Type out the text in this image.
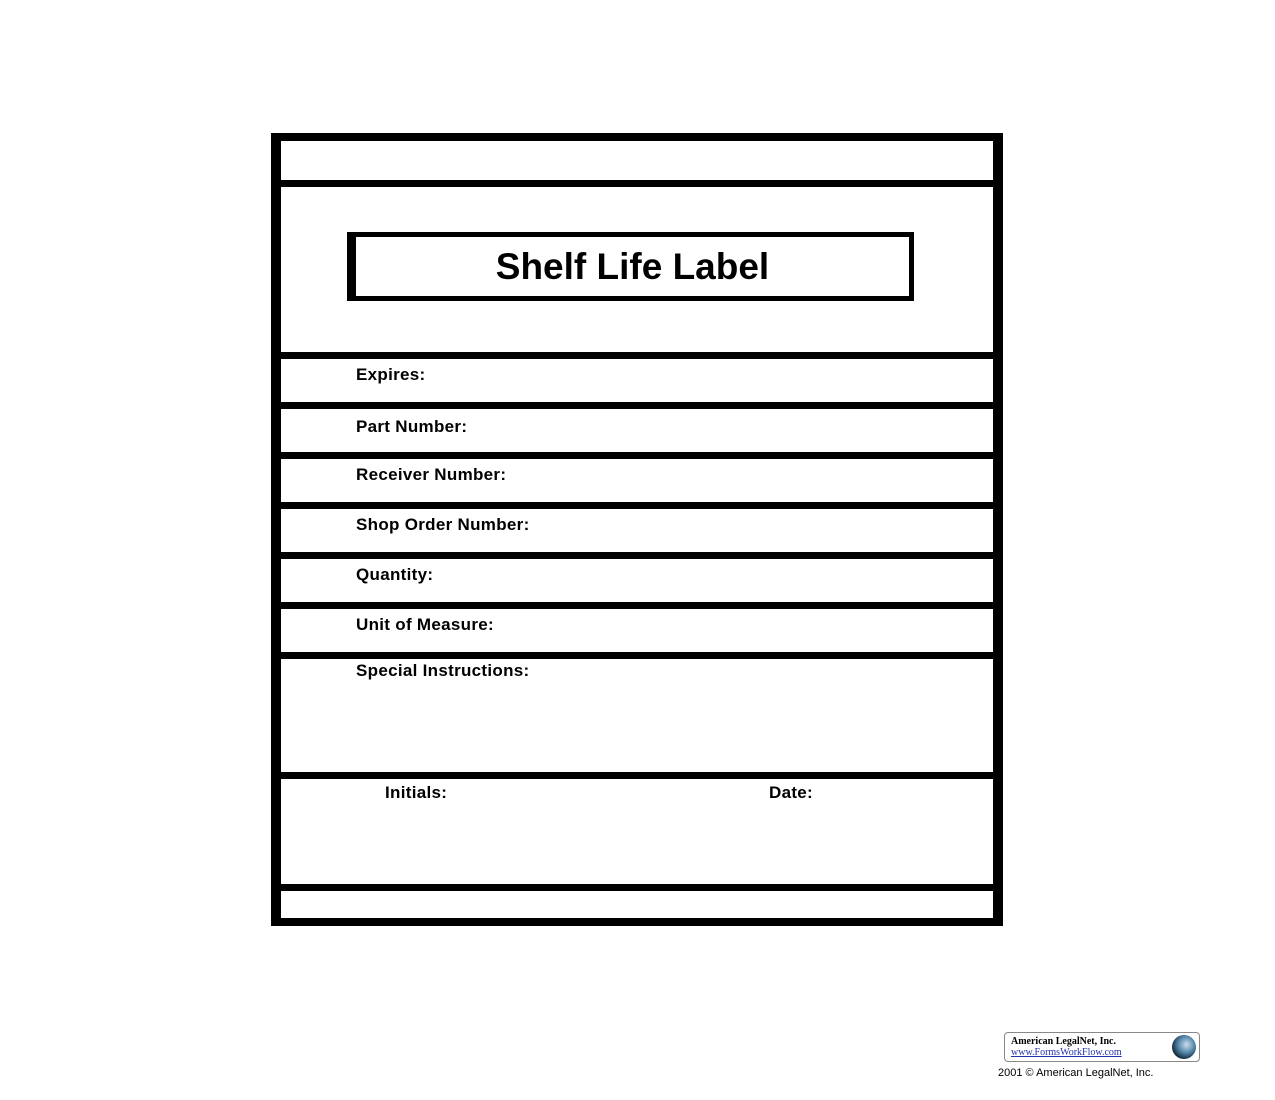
Shelf Life Label
Expires:
Part Number:
Receiver Number:
Shop Order Number:
Quantity:
Unit of Measure:
Special Instructions:
Initials:	Date:
American LegalNet, Inc.
www.FormsWorkFlow.com
2001 © American LegalNet, Inc.
